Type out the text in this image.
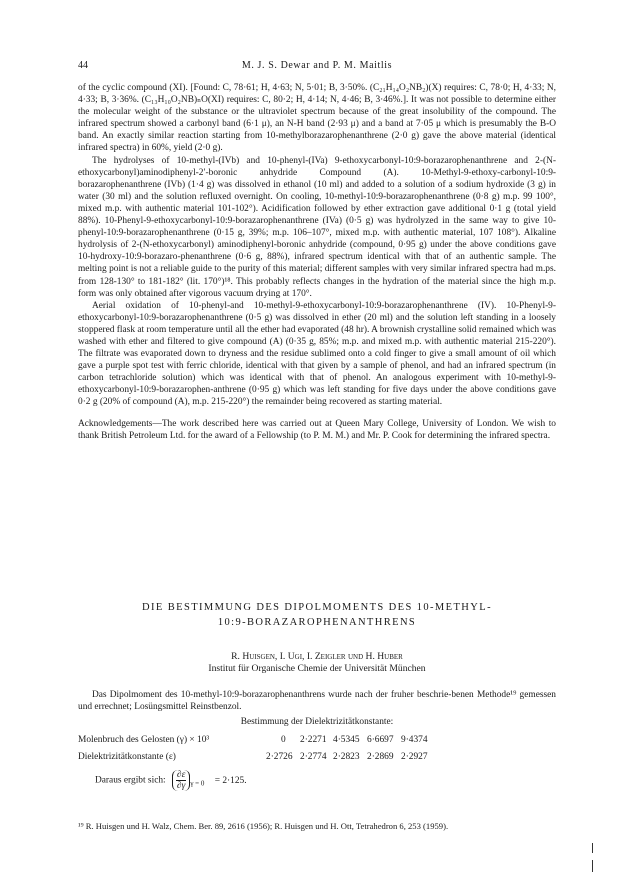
44	M. J. S. Dewar and P. M. Maitlis

of the cyclic compound (XI). [Found: C, 78·61; H, 4·63; N, 5·01; B, 3·50%. (C₂₁H₁₄O₂NB₂)(X) requires: C, 78·0; H, 4·33; N, 4·33; B, 3·36%. (C₁₃H₁₀O₂NB)ₙO(XI) requires: C, 80·2; H, 4·14; N, 4·46; B, 3·46%.]. It was not possible to determine either the molecular weight of the substance or the ultraviolet spectrum because of the great insolubility of the compound. The infrared spectrum showed a carbonyl band (6·1 μ), an N-H band (2·93 μ) and a band at 7·05 μ which is presumably the B-O band. An exactly similar reaction starting from 10-methylborazarophenanthrene (2·0 g) gave the above material (identical infrared spectra) in 60%, yield (2·0 g).

The hydrolyses of 10-methyl-(IVb) and 10-phenyl-(IVa) 9-ethoxycarbonyl-10:9-borazarophenanthrene and 2-(N-ethoxycarbonyl)aminodiphenyl-2′-boronic anhydride Compound (A). 10-Methyl-9-ethoxy-carbonyl-10:9-borazarophenanthrene (IVb) (1·4 g) was dissolved in ethanol (10 ml) and added to a solution of a sodium hydroxide (3 g) in water (30 ml) and the solution refluxed overnight. On cooling, 10-methyl-10:9-borazarophenanthrene (0·8 g) m.p. 99 100°, mixed m.p. with authentic material 101-102°). Acidification followed by ether extraction gave additional 0·1 g (total yield 88%). 10-Phenyl-9-ethoxycarbonyl-10:9-borazarophenanthrene (IVa) (0·5 g) was hydrolyzed in the same way to give 10-phenyl-10:9-borazarophenanthrene (0·15 g, 39%; m.p. 106–107°, mixed m.p. with authentic material, 107 108°). Alkaline hydrolysis of 2-(N-ethoxycarbonyl) aminodiphenyl-boronic anhydride (compound, 0·95 g) under the above conditions gave 10-hydroxy-10:9-borazaro-phenanthrene (0·6 g, 88%), infrared spectrum identical with that of an authentic sample. The melting point is not a reliable guide to the purity of this material; different samples with very similar infrared spectra had m.ps. from 128-130° to 181-182° (lit. 170°)¹⁸. This probably reflects changes in the hydration of the material since the high m.p. form was only obtained after vigorous vacuum drying at 170°.

Aerial oxidation of 10-phenyl-and 10-methyl-9-ethoxycarbonyl-10:9-borazarophenanthrene (IV). 10-Phenyl-9-ethoxycarbonyl-10:9-borazarophenanthrene (0·5 g) was dissolved in ether (20 ml) and the solution left standing in a loosely stoppered flask at room temperature until all the ether had evaporated (48 hr). A brownish crystalline solid remained which was washed with ether and filtered to give compound (A) (0·35 g, 85%; m.p. and mixed m.p. with authentic material 215-220°). The filtrate was evaporated down to dryness and the residue sublimed onto a cold finger to give a small amount of oil which gave a purple spot test with ferric chloride, identical with that given by a sample of phenol, and had an infrared spectrum (in carbon tetrachloride solution) which was identical with that of phenol. An analogous experiment with 10-methyl-9-ethoxycarbonyl-10:9-borazarophen-anthrene (0·95 g) which was left standing for five days under the above conditions gave 0·2 g (20% of compound (A), m.p. 215-220°) the remainder being recovered as starting material.

Acknowledgements—The work described here was carried out at Queen Mary College, University of London. We wish to thank British Petroleum Ltd. for the award of a Fellowship (to P. M. M.) and Mr. P. Cook for determining the infrared spectra.

DIE BESTIMMUNG DES DIPOLMOMENTS DES 10-METHYL-
10:9-BORAZAROPHENANTHRENS
R. Huisgen, I. Ugi, I. Zeigler und H. Huber
Institut für Organische Chemie der Universität München
Das Dipolmoment des 10-methyl-10:9-borazarophenanthrens wurde nach der fruher beschrie-benen Methode¹⁹ gemessen und errechnet; Losüngsmittel Reinstbenzol.
Bestimmung der Dielektrizitätkonstante:
Molenbruch des Gelosten (γ) × 10³	0 2·2271 4·5345 6·6697 9·4374
Dielektrizitätkonstante (ε)	2·2726 2·2774 2·2823 2·2869 2·2927
Daraus ergibt sich: $\frac{\partial\varepsilon}{\partial\gamma} _{\gamma = 0} = 2\cdot 125$.
¹⁹ R. Huisgen und H. Walz, Chem. Ber. 89, 2616 (1956); R. Huisgen und H. Ott, Tetrahedron 6, 253 (1959).
